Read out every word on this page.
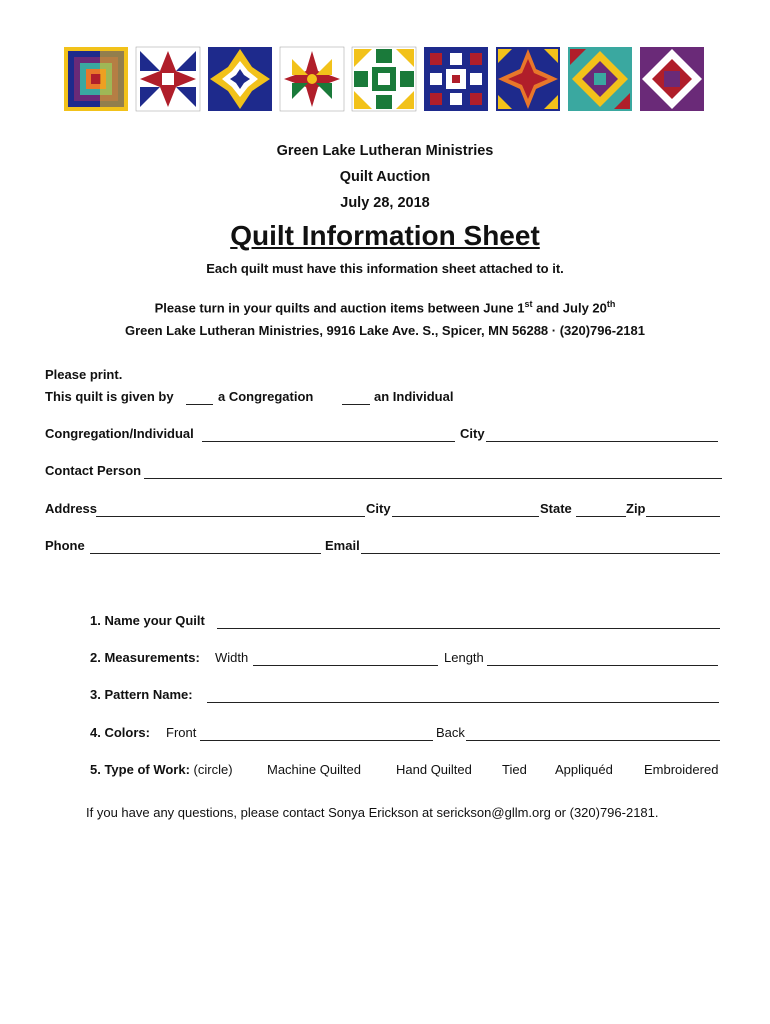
Green Lake Lutheran Ministries
Quilt Auction
July 28, 2018
Quilt Information Sheet
Each quilt must have this information sheet attached to it.
Please turn in your quilts and auction items between June 1st and July 20th
Green Lake Lutheran Ministries, 9916 Lake Ave. S., Spicer, MN 56288 · (320)796-2181
Please print.
This quilt is given by	a Congregation	an Individual
Congregation/Individual	City
Contact Person
Address	City	State	Zip
Phone	Email
1. Name your Quilt
2. Measurements: Width	Length
3. Pattern Name:
4. Colors: Front	Back
5. Type of Work: (circle)	Machine Quilted	Hand Quilted Tied Appliquéd Embroidered
If you have any questions, please contact Sonya Erickson at serickson@gllm.org or (320)796-2181.
